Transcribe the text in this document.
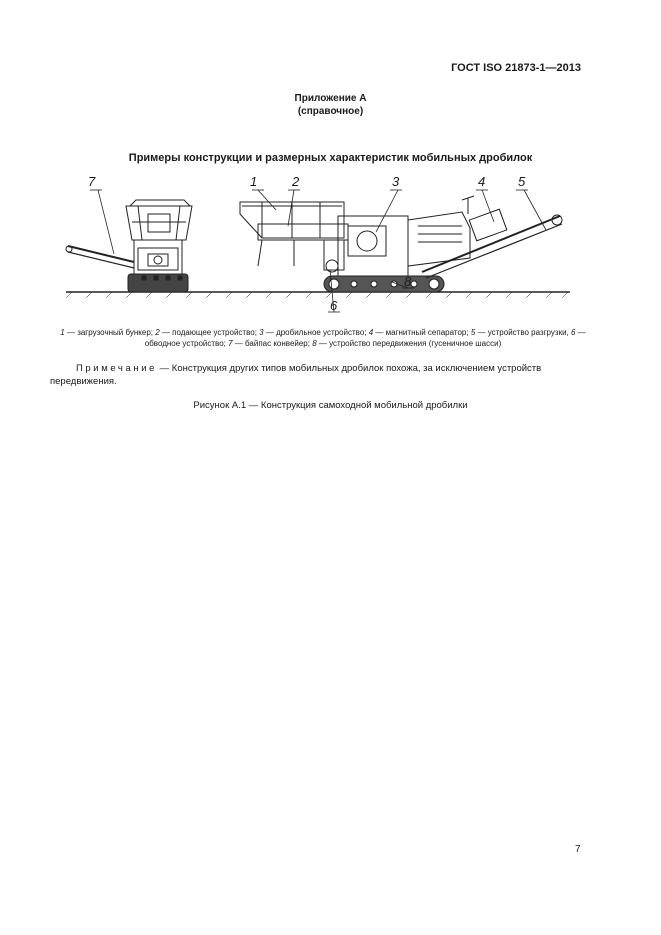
ГОСТ ISO 21873-1—2013
Приложение А
(справочное)
Примеры конструкции и размерных характеристик мобильных дробилок
7	1	2	3	4	5
6
8
1 — загрузочный бункер; 2 — подающее устройство; 3 — дробильное устройство; 4 — магнитный сепаратор; 5 — устройство разгрузки, 6 — обводное устройство; 7 — байпас конвейер; 8 — устройство передвижения (гусеничное шасси)
Примечание — Конструкция других типов мобильных дробилок похожа, за исключением устройств
передвижения.
Рисунок А.1 — Конструкция самоходной мобильной дробилки
7
